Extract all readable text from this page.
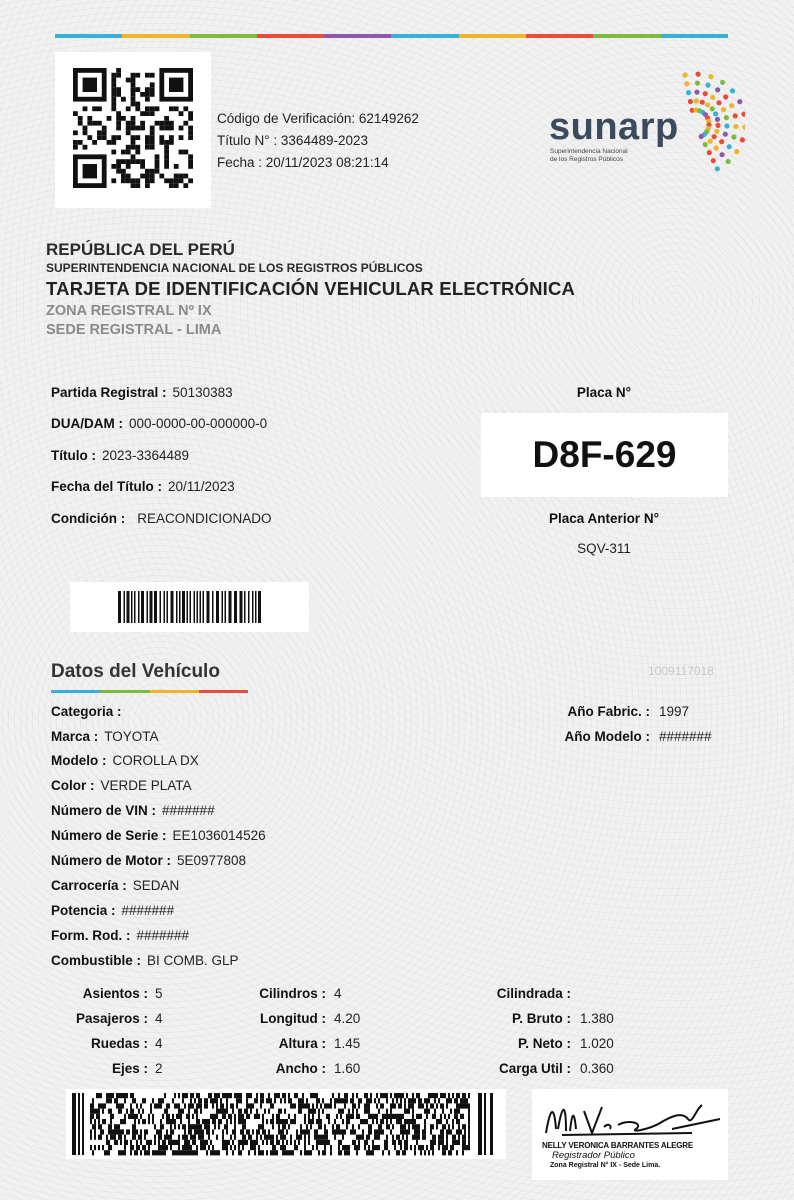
Código de Verificación: 62149262
Título N° : 3364489-2023
Fecha : 20/11/2023 08:21:14
sunarp
Superintendencia Nacional
de los Registros Públicos
REPÚBLICA DEL PERÚ
SUPERINTENDENCIA NACIONAL DE LOS REGISTROS PÚBLICOS
TARJETA DE IDENTIFICACIÓN VEHICULAR ELECTRÓNICA
ZONA REGISTRAL Nº IX
SEDE REGISTRAL - LIMA
Partida Registral : 50130383
DUA/DAM : 000-0000-00-000000-0
Título : 2023-3364489
Fecha del Título : 20/11/2023
Condición : REACONDICIONADO
Placa N°
D8F-629
Placa Anterior N°
SQV-311
Datos del Vehículo	1009117018
Categoria :
Marca : TOYOTA
Modelo : COROLLA DX
Color : VERDE PLATA
Número de VIN : #######
Número de Serie : EE1036014526
Número de Motor : 5E0977808
Carrocería : SEDAN
Potencia : #######
Form. Rod. : #######
Combustible : BI COMB. GLP
Año Fabric. : 1997
Año Modelo : #######
Asientos : 5
Pasajeros : 4
Ruedas : 4
Ejes : 2
Cilindros : 4
Longitud : 4.20
Altura : 1.45
Ancho : 1.60
Cilindrada :
P. Bruto : 1.380
P. Neto : 1.020
Carga Util : 0.360
NELLY VERONICA BARRANTES ALEGRE
Registrador Público
Zona Registral N° IX - Sede Lima.
